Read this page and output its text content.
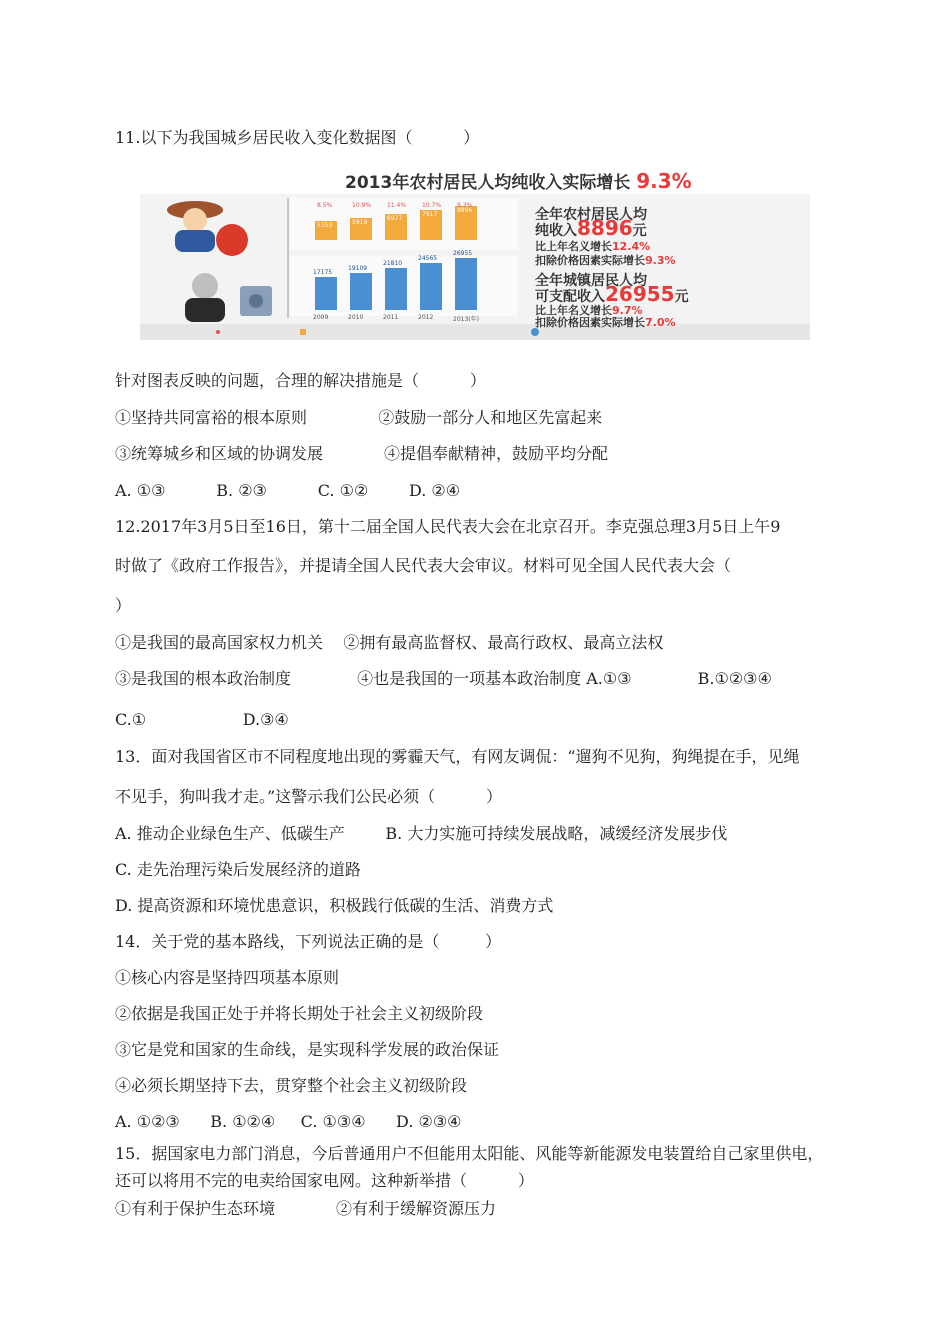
11.以下为我国城乡居民收入变化数据图（          ）
针对图表反映的问题，合理的解决措施是（          ）
①坚持共同富裕的根本原则              ②鼓励一部分人和地区先富起来
③统筹城乡和区域的协调发展            ④提倡奉献精神，鼓励平均分配
A. ①③          B. ②③          C. ①②        D. ②④
12.2017年3月5日至16日，第十二届全国人民代表大会在北京召开。李克强总理3月5日上午9
时做了《政府工作报告》，并提请全国人民代表大会审议。材料可见全国人民代表大会（
）
①是我国的最高国家权力机关    ②拥有最高监督权、最高行政权、最高立法权
③是我国的根本政治制度             ④也是我国的一项基本政治制度 A.①③             B.①②③④
C.①                   D.③④
13．面对我国省区市不同程度地出现的雾霾天气，有网友调侃：“遛狗不见狗，狗绳提在手，见绳
不见手，狗叫我才走。”这警示我们公民必须（          ）
A. 推动企业绿色生产、低碳生产        B. 大力实施可持续发展战略，减缓经济发展步伐
C. 走先治理污染后发展经济的道路
D. 提高资源和环境忧患意识，积极践行低碳的生活、消费方式
14．关于党的基本路线，下列说法正确的是（         ）
①核心内容是坚持四项基本原则
②依据是我国正处于并将长期处于社会主义初级阶段
③它是党和国家的生命线，是实现科学发展的政治保证
④必须长期坚持下去，贯穿整个社会主义初级阶段
A. ①②③      B. ①②④     C. ①③④      D. ②③④
15．据国家电力部门消息，今后普通用户不但能用太阳能、风能等新能源发电装置给自己家里供电，
还可以将用不完的电卖给国家电网。这种新举措（          ）
①有利于保护生态环境            ②有利于缓解资源压力
2013年农村居民人均纯收入实际增长 9.3%
5153
8.5%
5919
10.9%
6977
11.4%
7917
10.7%
8896
9.3%
17175
19109
21810
24565
26955
2009	2010	2011	2012	2013(年)
全年农村居民人均
纯收入8896元
比上年名义增长12.4%
扣除价格因素实际增长9.3%
全年城镇居民人均
可支配收入26955元
比上年名义增长9.7%
扣除价格因素实际增长7.0%
